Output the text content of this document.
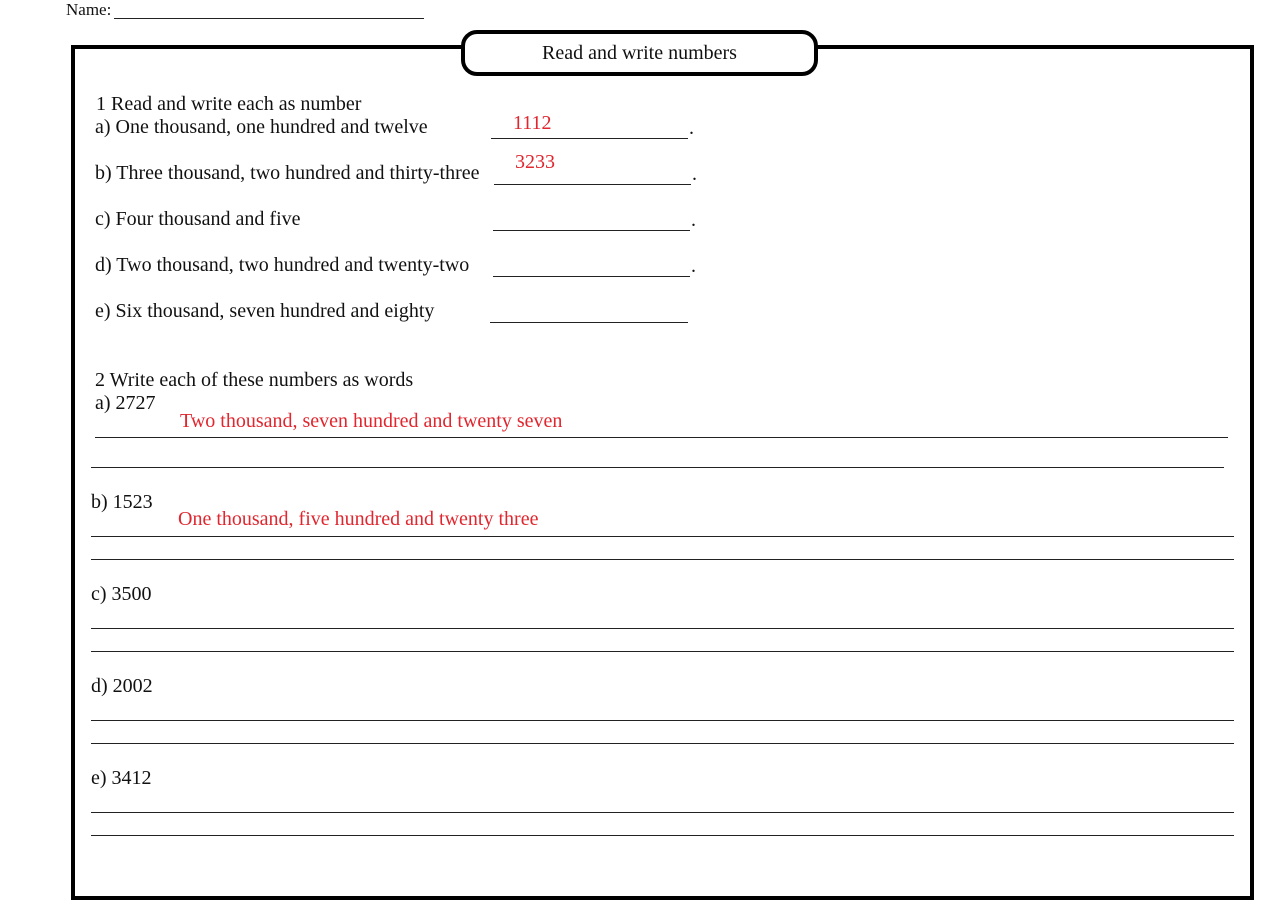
Name:
Read and write numbers
1 Read and write each as number
a) One thousand, one hundred and twelve	1112	.
b) Three thousand, two hundred and thirty-three 3233
.
c) Four thousand and five	.
d) Two thousand, two hundred and twenty-two	.
e) Six thousand, seven hundred and eighty
2 Write each of these numbers as words
a) 2727
Two thousand, seven hundred and twenty seven
b) 1523
One thousand, five hundred and twenty three
c) 3500
d) 2002
e) 3412
